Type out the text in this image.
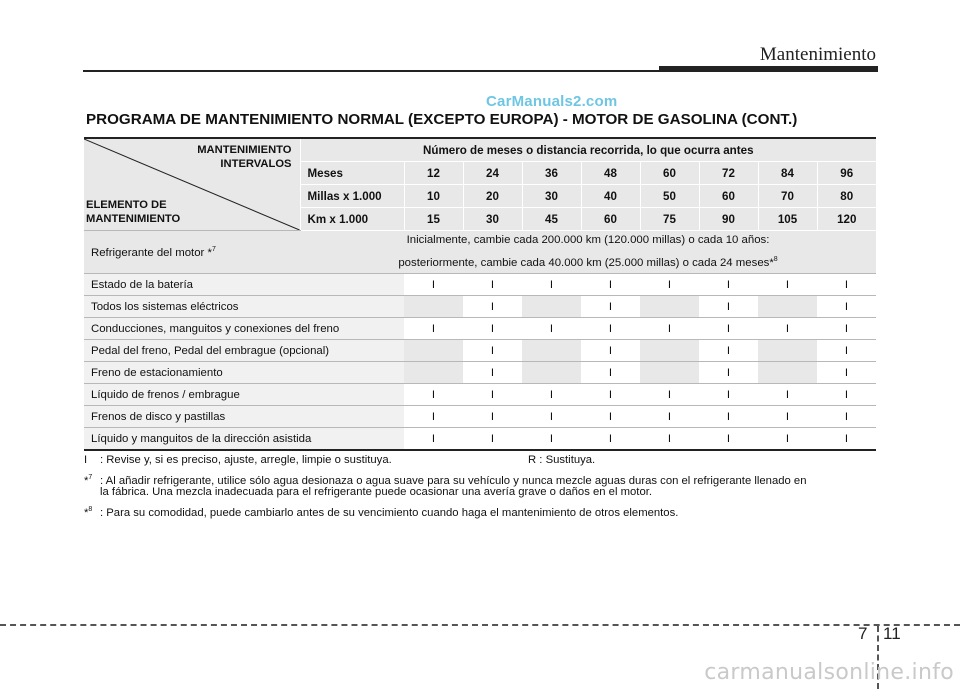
Mantenimiento
CarManuals2.com
PROGRAMA DE MANTENIMIENTO NORMAL (EXCEPTO EUROPA) - MOTOR DE GASOLINA (CONT.)
MANTENIMIENTO
INTERVALOS
ELEMENTO DE
MANTENIMIENTO	Número de meses o distancia recorrida, lo que ocurra antes								
	Meses	12	24	36	48	60	72	84	96
	Millas x 1.000	10	20	30	40	50	60	70	80
	Km x 1.000	15	30	45	60	75	90	105	120
Refrigerante del motor *$^7$	Inicialmente, cambie cada 200.000 km (120.000 millas) o cada 10 años:
posteriormente, cambie cada 40.000 km (25.000 millas) o cada 24 meses*$^8$

Estado de la batería		I	I	I	I	I	I	I	I
Todos los sistemas eléctricos			I		I		I		I
Conducciones, manguitos y conexiones del freno		I	I	I	I	I	I	I	I
Pedal del freno, Pedal del embrague (opcional)			I		I		I		I
Freno de estacionamiento			I		I		I		I
Líquido de frenos / embrague		I	I	I	I	I	I	I	I
Frenos de disco y pastillas		I	I	I	I	I	I	I	I
Líquido y manguitos de la dirección asistida		I	I	I	I	I	I	I	I
I : Revise y, si es preciso, ajuste, arregle, limpie o sustituya.	R : Sustituya.
*$^7$ : Al añadir refrigerante, utilice sólo agua desionaza o agua suave para su vehículo y nunca mezcle aguas duras con el refrigerante llenado en
la fábrica. Una mezcla inadecuada para el refrigerante puede ocasionar una avería grave o daños en el motor.
*$^8$ : Para su comodidad, puede cambiarlo antes de su vencimiento cuando haga el mantenimiento de otros elementos.
7 11
carmanualsonline.info
